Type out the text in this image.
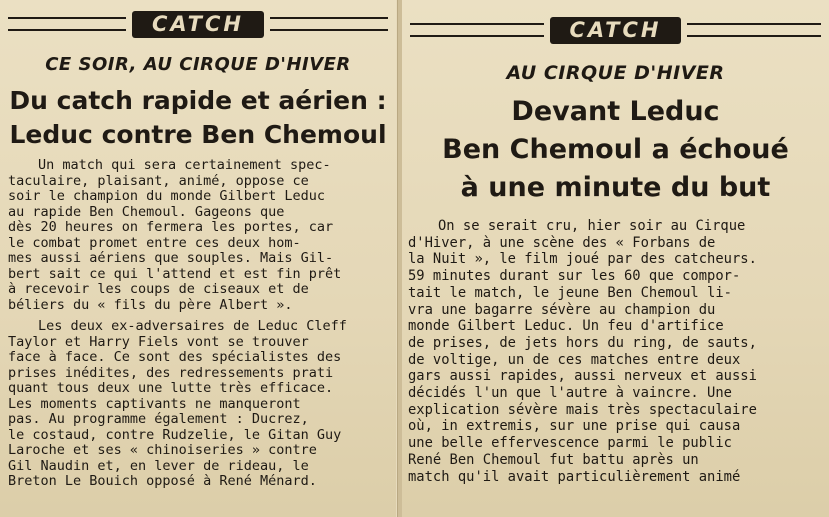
CATCH
CE SOIR, AU CIRQUE D'HIVER
Du catch rapide et aérien :
Leduc contre Ben Chemoul
Un match qui sera certainement spec-
taculaire, plaisant, animé, oppose ce
soir le champion du monde Gilbert Leduc
au rapide Ben Chemoul. Gageons que
dès 20 heures on fermera les portes, car
le combat promet entre ces deux hom-
mes aussi aériens que souples. Mais Gil-
bert sait ce qui l'attend et est fin prêt
à recevoir les coups de ciseaux et de
béliers du « fils du père Albert ».
Les deux ex-adversaires de Leduc Cleff
Taylor et Harry Fiels vont se trouver
face à face. Ce sont des spécialistes des
prises inédites, des redressements prati
quant tous deux une lutte très efficace.
Les moments captivants ne manqueront
pas. Au programme également : Ducrez,
le costaud, contre Rudzelie, le Gitan Guy
Laroche et ses « chinoiseries » contre
Gil Naudin et, en lever de rideau, le
Breton Le Bouich opposé à René Ménard.
CATCH
AU CIRQUE D'HIVER
Devant Leduc
Ben Chemoul a échoué
à une minute du but
On se serait cru, hier soir au Cirque
d'Hiver, à une scène des « Forbans de
la Nuit », le film joué par des catcheurs.
59 minutes durant sur les 60 que compor-
tait le match, le jeune Ben Chemoul li-
vra une bagarre sévère au champion du
monde Gilbert Leduc. Un feu d'artifice
de prises, de jets hors du ring, de sauts,
de voltige, un de ces matches entre deux
gars aussi rapides, aussi nerveux et aussi
décidés l'un que l'autre à vaincre. Une
explication sévère mais très spectaculaire
où, in extremis, sur une prise qui causa
une belle effervescence parmi le public
René Ben Chemoul fut battu après un
match qu'il avait particulièrement animé
